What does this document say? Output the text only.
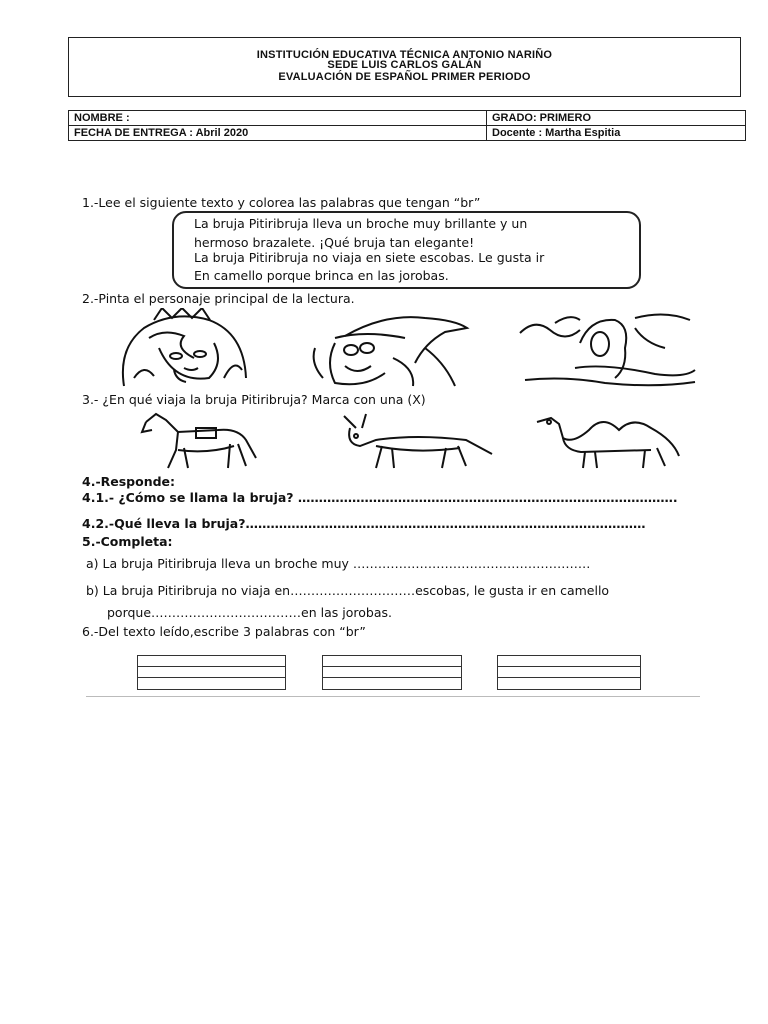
INSTITUCIÓN EDUCATIVA TÉCNICA ANTONIO NARIÑO
SEDE LUIS CARLOS GALÁN
EVALUACIÓN DE ESPAÑOL PRIMER PERIODO
NOMBRE :	GRADO: PRIMERO
FECHA DE ENTREGA : Abril 2020	Docente : Martha Espitia
1.-Lee el siguiente texto y colorea las palabras que tengan “br”
La bruja Pitiribruja lleva un broche muy brillante y un
hermoso brazalete. ¡Qué bruja tan elegante!
La bruja Pitiribruja no viaja en siete escobas. Le gusta ir
En camello porque brinca en las jorobas.
2.-Pinta el personaje principal de la lectura.
3.- ¿En qué viaja la bruja Pitiribruja? Marca con una (X)
4.-Responde:
4.1.- ¿Cómo se llama la bruja? ……………………………………………………………………………….
4.2.-Qué lleva la bruja?……………………………………………………………………………………
5.-Completa:
a) La bruja Pitiribruja lleva un broche muy …………………………………………………
b) La bruja Pitiribruja no viaja en…………………………escobas, le gusta ir en camello
porque………………………………en las jorobas.
6.-Del texto leído,escribe 3 palabras con “br”
